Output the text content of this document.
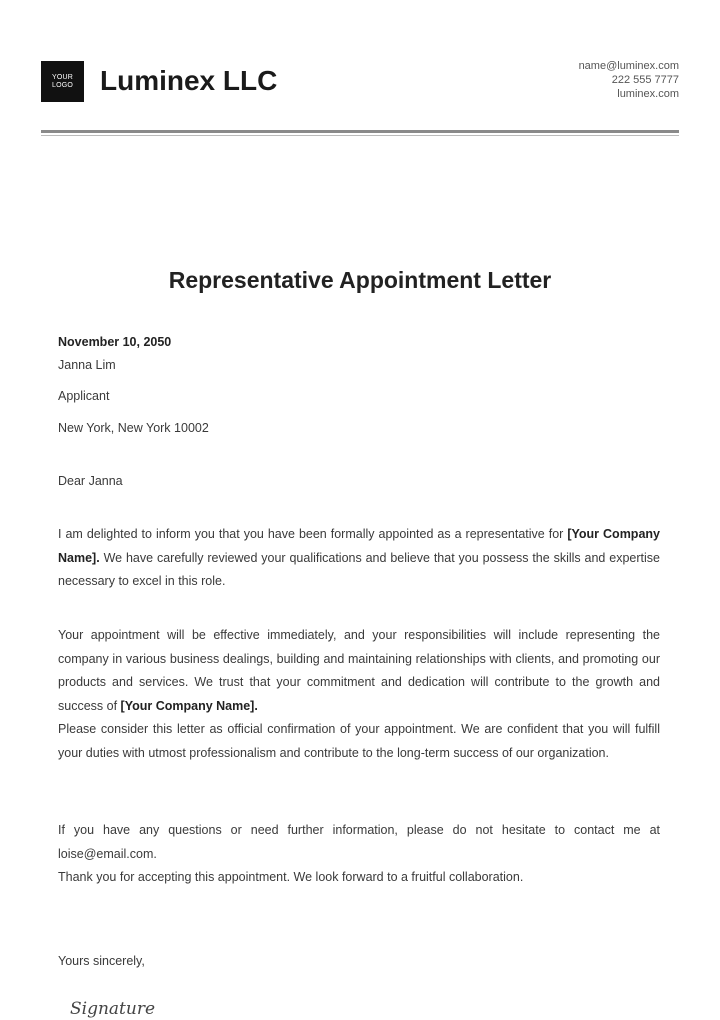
YOUR LOGO Luminex LLC	name@luminex.com
222 555 7777
luminex.com
Representative Appointment Letter

November 10, 2050

Janna Lim

Applicant

New York, New York 10002

Dear Janna

I am delighted to inform you that you have been formally appointed as a representative for [Your Company Name]. We have carefully reviewed your qualifications and believe that you possess the skills and expertise necessary to excel in this role.

Your appointment will be effective immediately, and your responsibilities will include representing the company in various business dealings, building and maintaining relationships with clients, and promoting our products and services. We trust that your commitment and dedication will contribute to the growth and success of [Your Company Name].
Please consider this letter as official confirmation of your appointment. We are confident that you will fulfill your duties with utmost professionalism and contribute to the long-term success of our organization.
If you have any questions or need further information, please do not hesitate to contact me at loise@email.com.
Thank you for accepting this appointment. We look forward to a fruitful collaboration.

Yours sincerely,

Signature
